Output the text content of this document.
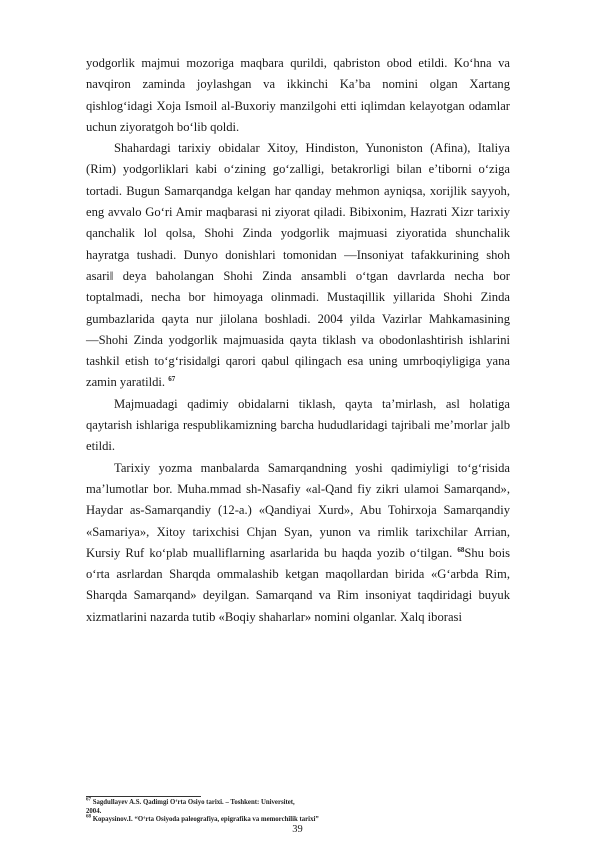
yodgorlik majmui mozoriga maqbara qurildi, qabriston obod etildi. Ko‘hna va navqiron zaminda joylashgan va ikkinchi Ka’ba nomini olgan Xartang qishlog‘idagi Xoja Ismoil al-Buxoriy manzilgohi etti iqlimdan kelayotgan odamlar uchun ziyoratgoh bo‘lib qoldi.

Shahardagi tarixiy obidalar Xitoy, Hindiston, Yunoniston (Afina), Italiya (Rim) yodgorliklari kabi o‘zining go‘zalligi, betakrorligi bilan e’tiborni o‘ziga tortadi. Bugun Samarqandga kelgan har qanday mehmon ayniqsa, xorijlik sayyoh, eng avvalo Go‘ri Amir maqbarasi ni ziyorat qiladi. Bibixonim, Hazrati Xizr tarixiy qanchalik lol qolsa, Shohi Zinda yodgorlik majmuasi ziyoratida shunchalik hayratga tushadi. Dunyo donishlari tomonidan ―Insoniyat tafakkurining shoh asari‖ deya baholangan Shohi Zinda ansambli o‘tgan davrlarda necha bor toptalmadi, necha bor himoyaga olinmadi. Mustaqillik yillarida Shohi Zinda gumbazlarida qayta nur jilolana boshladi. 2004 yilda Vazirlar Mahkamasining ―Shohi Zinda yodgorlik majmuasida qayta tiklash va obodonlashtirish ishlarini tashkil etish to‘g‘risida‖gi qarori qabul qilingach esa uning umrboqiyligiga yana zamin yaratildi. $^{67}$

Majmuadagi qadimiy obidalarni tiklash, qayta ta’mirlash, asl holatiga qaytarish ishlariga respublikamizning barcha hududlaridagi tajribali me’morlar jalb etildi.

Tarixiy yozma manbalarda Samarqandning yoshi qadimiyligi to‘g‘risida ma’lumotlar bor. Muha.mmad sh-Nasafiy «al-Qand fiy zikri ulamoi Samarqand», Haydar as-Samarqandiy (12-a.) «Qandiyai Xurd», Abu Tohirxoja Samarqandiy «Samariya», Xitoy tarixchisi Chjan Syan, yunon va rimlik tarixchilar Arrian, Kursiy Ruf ko‘plab mualliflarning asarlarida bu haqda yozib o‘tilgan. $^{68}$Shu bois o‘rta asrlardan Sharqda ommalashib ketgan maqollardan birida «G‘arbda Rim, Sharqda Samarqand» deyilgan. Samarqand va Rim insoniyat taqdiridagi buyuk xizmatlarini nazarda tutib «Boqiy shaharlar» nomini olganlar. Xalq iborasi

$^{67}$ Sagdullayev A.S. Qadimgi O‘rta Osiyo tarixi. – Toshkent: Universitet,
2004.
$^{68}$ Kopaysinov.I. “O‘rta Osiyoda paleografiya, epigrafika va memorchilik tarixi”
39
